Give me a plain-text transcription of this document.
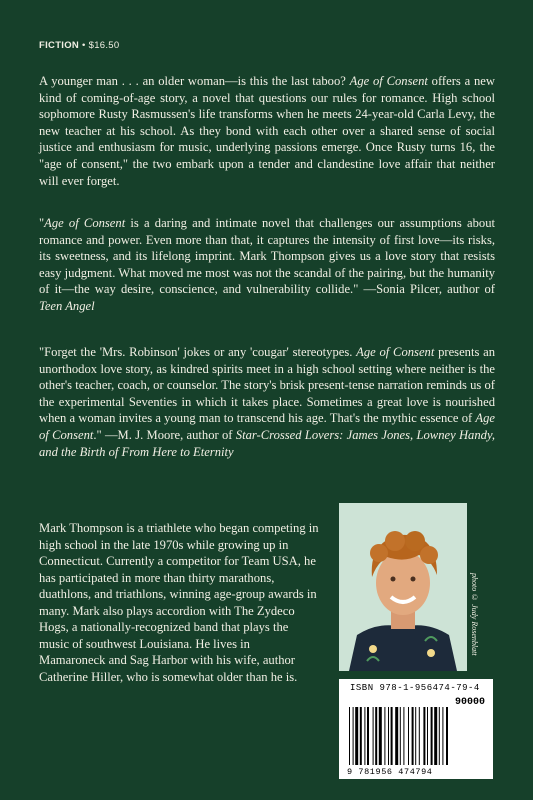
FICTION • $16.50

A younger man . . . an older woman—is this the last taboo? Age of Consent offers a new kind of coming-of-age story, a novel that questions our rules for romance. High school sophomore Rusty Rasmussen's life transforms when he meets 24-year-old Carla Levy, the new teacher at his school. As they bond with each other over a shared sense of social justice and enthusiasm for music, underlying passions emerge. Once Rusty turns 16, the "age of consent," the two embark upon a tender and clandestine love affair that neither will ever forget.

"Age of Consent is a daring and intimate novel that challenges our assumptions about romance and power. Even more than that, it captures the intensity of first love—its risks, its sweetness, and its lifelong imprint. Mark Thompson gives us a love story that resists easy judgment. What moved me most was not the scandal of the pairing, but the humanity of it—the way desire, conscience, and vulnerability collide." —Sonia Pilcer, author of Teen Angel

"Forget the 'Mrs. Robinson' jokes or any 'cougar' stereotypes. Age of Consent presents an unorthodox love story, as kindred spirits meet in a high school setting where neither is the other's teacher, coach, or counselor. The story's brisk present-tense narration reminds us of the experimental Seventies in which it takes place. Sometimes a great love is nourished when a woman invites a young man to transcend his age. That's the mythic essence of Age of Consent." —M. J. Moore, author of Star-Crossed Lovers: James Jones, Lowney Handy, and the Birth of From Here to Eternity

Mark Thompson is a triathlete who began competing in high school in the late 1970s while growing up in Connecticut. Currently a competitor for Team USA, he has participated in more than thirty marathons, duathlons, and triathlons, winning age-group awards in many. Mark also plays accordion with The Zydeco Hogs, a nationally-recognized band that plays the music of southwest Louisiana. He lives in Mamaroneck and Sag Harbor with his wife, author Catherine Hiller, who is somewhat older than he is.

photo © Judy Rosenblatt
ISBN 978-1-956474-79-4
90000
9 781956 474794
